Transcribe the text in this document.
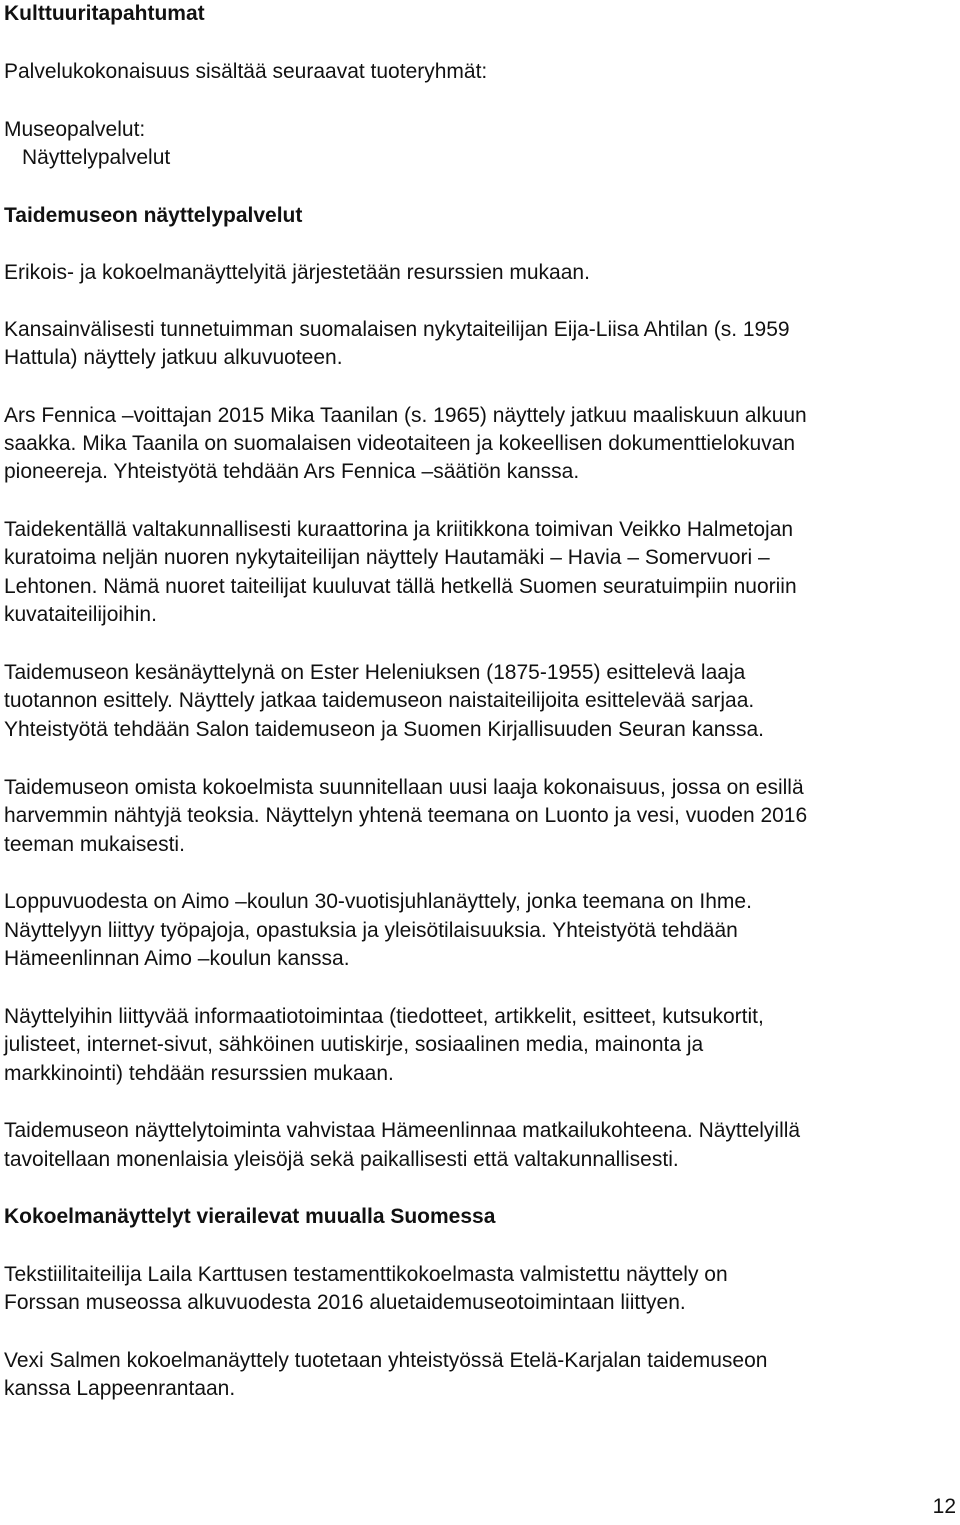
Kulttuuritapahtumat
Palvelukokonaisuus sisältää seuraavat tuoteryhmät:
Museopalvelut:
Näyttelypalvelut
Taidemuseon näyttelypalvelut
Erikois- ja kokoelmanäyttelyitä järjestetään resurssien mukaan.
Kansainvälisesti tunnetuimman suomalaisen nykytaiteilijan Eija-Liisa Ahtilan (s. 1959
Hattula) näyttely jatkuu alkuvuoteen.
Ars Fennica –voittajan 2015 Mika Taanilan (s. 1965) näyttely jatkuu maaliskuun alkuun
saakka. Mika Taanila on suomalaisen videotaiteen ja kokeellisen dokumenttielokuvan
pioneereja. Yhteistyötä tehdään Ars Fennica –säätiön kanssa.
Taidekentällä valtakunnallisesti kuraattorina ja kriitikkona toimivan Veikko Halmetojan
kuratoima neljän nuoren nykytaiteilijan näyttely Hautamäki – Havia – Somervuori –
Lehtonen. Nämä nuoret taiteilijat kuuluvat tällä hetkellä Suomen seuratuimpiin nuoriin
kuvataiteilijoihin.
Taidemuseon kesänäyttelynä on Ester Heleniuksen (1875-1955) esittelevä laaja
tuotannon esittely. Näyttely jatkaa taidemuseon naistaiteilijoita esittelevää sarjaa.
Yhteistyötä tehdään Salon taidemuseon ja Suomen Kirjallisuuden Seuran kanssa.
Taidemuseon omista kokoelmista suunnitellaan uusi laaja kokonaisuus, jossa on esillä
harvemmin nähtyjä teoksia. Näyttelyn yhtenä teemana on Luonto ja vesi, vuoden 2016
teeman mukaisesti.
Loppuvuodesta on Aimo –koulun 30-vuotisjuhlanäyttely, jonka teemana on Ihme.
Näyttelyyn liittyy työpajoja, opastuksia ja yleisötilaisuuksia. Yhteistyötä tehdään
Hämeenlinnan Aimo –koulun kanssa.
Näyttelyihin liittyvää informaatiotoimintaa (tiedotteet, artikkelit, esitteet, kutsukortit,
julisteet, internet-sivut, sähköinen uutiskirje, sosiaalinen media, mainonta ja
markkinointi) tehdään resurssien mukaan.
Taidemuseon näyttelytoiminta vahvistaa Hämeenlinnaa matkailukohteena. Näyttelyillä
tavoitellaan monenlaisia yleisöjä sekä paikallisesti että valtakunnallisesti.
Kokoelmanäyttelyt vierailevat muualla Suomessa
Tekstiilitaiteilija Laila Karttusen testamenttikokoelmasta valmistettu näyttely on
Forssan museossa alkuvuodesta 2016 aluetaidemuseotoimintaan liittyen.
Vexi Salmen kokoelmanäyttely tuotetaan yhteistyössä Etelä-Karjalan taidemuseon
kanssa Lappeenrantaan.
12
